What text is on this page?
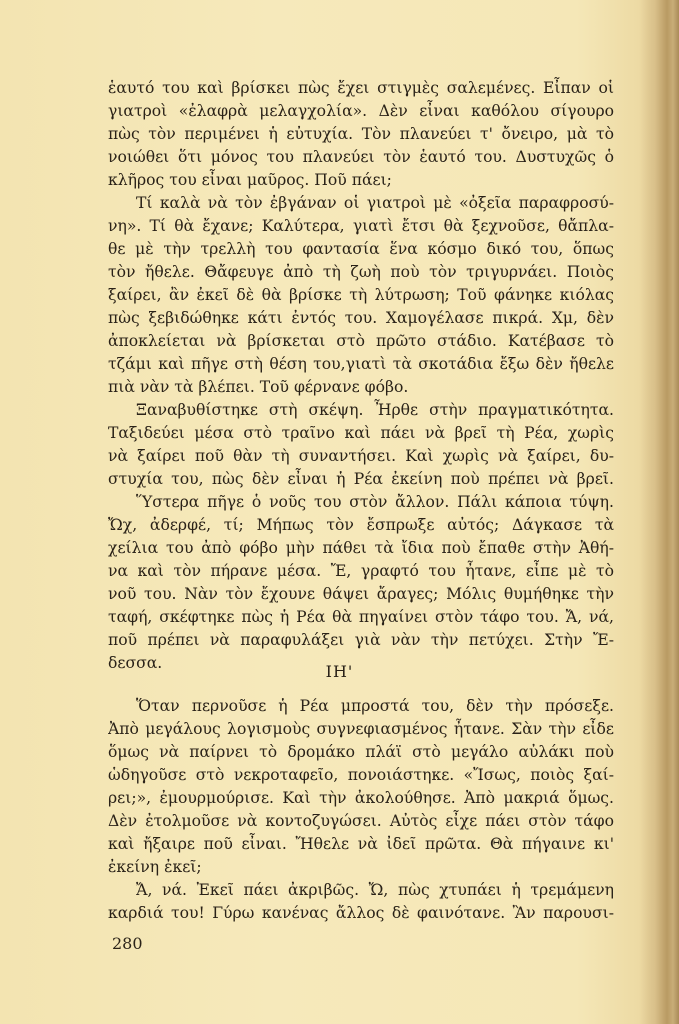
ἑαυτό του καὶ βρίσκει πὼς ἔχει στιγμὲς σαλεμένες. Εἶπαν οἱ

γιατροὶ «ἐλαφρὰ μελαγχολία». Δὲν εἶναι καθόλου σίγουρο

πὼς τὸν περιμένει ἡ εὐτυχία. Τὸν πλανεύει τ' ὄνειρο, μὰ τὸ

νοιώθει ὅτι μόνος του πλανεύει τὸν ἑαυτό του. Δυστυχῶς ὁ

κλῆρος του εἶναι μαῦρος. Ποῦ πάει;

Τί καλὰ νὰ τὸν ἐβγάναν οἱ γιατροὶ μὲ «ὀξεῖα παραφροσύ-

νη». Τί θὰ ἔχανε; Καλύτερα, γιατὶ ἔτσι θὰ ξεχνοῦσε, θἄπλα-

θε μὲ τὴν τρελλὴ του φαντασία ἕνα κόσμο δικό του, ὅπως

τὸν ἤθελε. Θἄφευγε ἀπὸ τὴ ζωὴ ποὺ τὸν τριγυρνάει. Ποιὸς

ξαίρει, ἂν ἐκεῖ δὲ θὰ βρίσκε τὴ λύτρωση; Τοῦ φάνηκε κιόλας

πὼς ξεβιδώθηκε κάτι ἐντός του. Χαμογέλασε πικρά. Χμ, δὲν

ἀποκλείεται νὰ βρίσκεται στὸ πρῶτο στάδιο. Κατέβασε τὸ

τζάμι καὶ πῆγε στὴ θέση του,γιατὶ τὰ σκοτάδια ἔξω δὲν ἤθελε

πιὰ νὰν τὰ βλέπει. Τοῦ φέρνανε φόβο.

Ξαναβυθίστηκε στὴ σκέψη. Ἦρθε στὴν πραγματικότητα.

Ταξιδεύει μέσα στὸ τραῖνο καὶ πάει νὰ βρεῖ τὴ Ρέα, χωρὶς

νὰ ξαίρει ποῦ θὰν τὴ συναντήσει. Καὶ χωρὶς νὰ ξαίρει, δυ-

στυχία του, πὼς δὲν εἶναι ἡ Ρέα ἐκείνη ποὺ πρέπει νὰ βρεῖ.

Ὕστερα πῆγε ὁ νοῦς του στὸν ἄλλον. Πάλι κάποια τύψη.

Ὤχ, ἀδερφέ, τί; Μήπως τὸν ἔσπρωξε αὐτός; Δάγκασε τὰ

χείλια του ἀπὸ φόβο μὴν πάθει τὰ ἴδια ποὺ ἔπαθε στὴν Ἀθή-

να καὶ τὸν πήρανε μέσα. Ἔ, γραφτό του ἦτανε, εἶπε μὲ τὸ

νοῦ του. Νὰν τὸν ἔχουνε θάψει ἄραγες; Μόλις θυμήθηκε τὴν

ταφή, σκέφτηκε πὼς ἡ Ρέα θὰ πηγαίνει στὸν τάφο του. Ἄ, νά,

ποῦ πρέπει νὰ παραφυλάξει γιὰ νὰν τὴν πετύχει. Στὴν Ἔ-

δεσσα.	ΙΗ'

Ὅταν περνοῦσε ἡ Ρέα μπροστά του, δὲν τὴν πρόσεξε.

Ἀπὸ μεγάλους λογισμοὺς συγνεφιασμένος ἦτανε. Σὰν τὴν εἶδε

ὅμως νὰ παίρνει τὸ δρομάκο πλάϊ στὸ μεγάλο αὐλάκι ποὺ

ὡδηγοῦσε στὸ νεκροταφεῖο, πονοιάστηκε. «Ἴσως, ποιὸς ξαί-

ρει;», ἐμουρμούρισε. Καὶ τὴν ἀκολούθησε. Ἀπὸ μακριά ὅμως.

Δὲν ἐτολμοῦσε νὰ κοντοζυγώσει. Αὐτὸς εἶχε πάει στὸν τάφο

καὶ ἤξαιρε ποῦ εἶναι. Ἤθελε νὰ ἰδεῖ πρῶτα. Θὰ πήγαινε κι'

ἐκείνη ἐκεῖ;

Ἄ, νά. Ἐκεῖ πάει ἀκριβῶς. Ὤ, πὼς χτυπάει ἡ τρεμάμενη

καρδιά του! Γύρω κανένας ἄλλος δὲ φαινότανε. Ἂν παρουσι-

280
